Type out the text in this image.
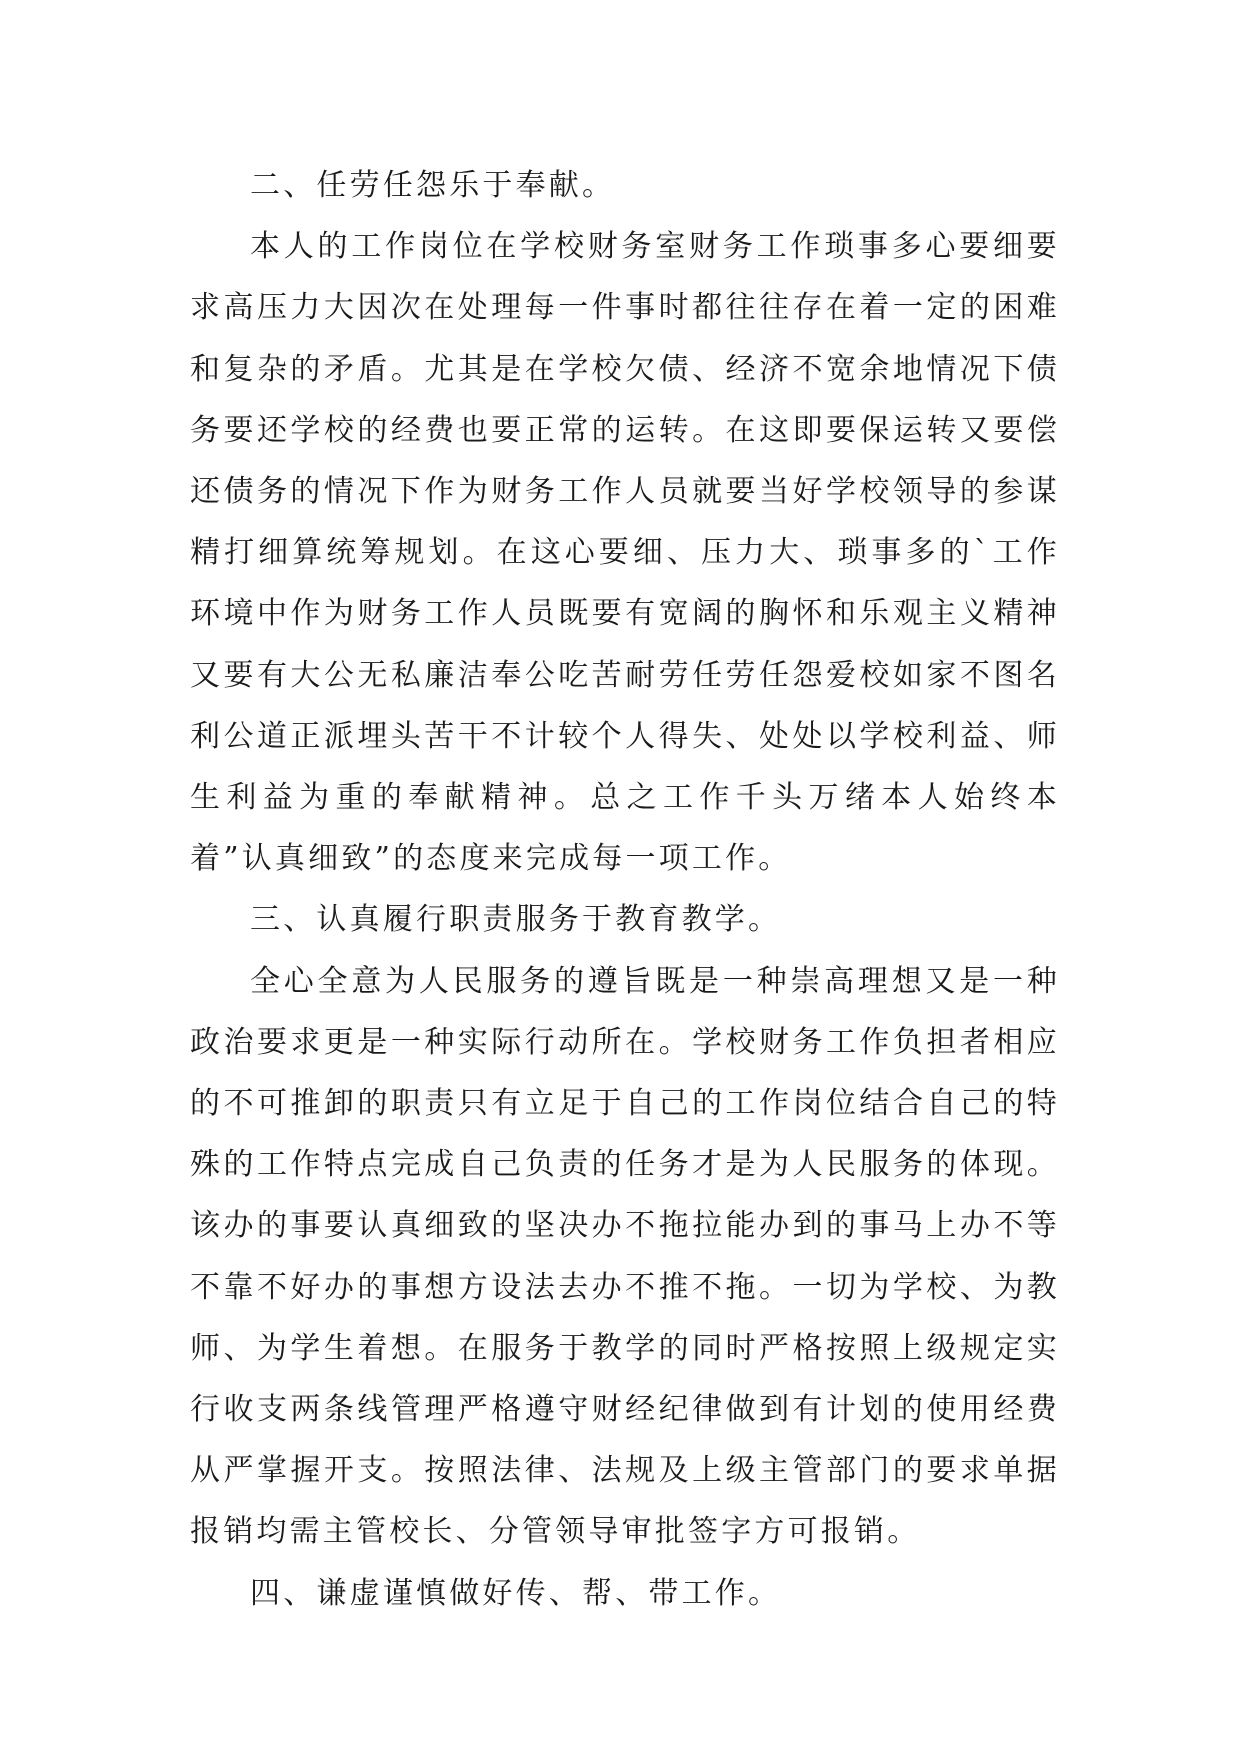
二、任劳任怨乐于奉献。

本人的工作岗位在学校财务室财务工作琐事多心要细要求高压力大因次在处理每一件事时都往往存在着一定的困难和复杂的矛盾。尤其是在学校欠债、经济不宽余地情况下债务要还学校的经费也要正常的运转。在这即要保运转又要偿还债务的情况下作为财务工作人员就要当好学校领导的参谋精打细算统筹规划。在这心要细、压力大、琐事多的`工作环境中作为财务工作人员既要有宽阔的胸怀和乐观主义精神又要有大公无私廉洁奉公吃苦耐劳任劳任怨爱校如家不图名利公道正派埋头苦干不计较个人得失、处处以学校利益、师生利益为重的奉献精神。总之工作千头万绪本人始终本着”认真细致”的态度来完成每一项工作。

三、认真履行职责服务于教育教学。

全心全意为人民服务的遵旨既是一种崇高理想又是一种政治要求更是一种实际行动所在。学校财务工作负担者相应的不可推卸的职责只有立足于自己的工作岗位结合自己的特殊的工作特点完成自己负责的任务才是为人民服务的体现。该办的事要认真细致的坚决办不拖拉能办到的事马上办不等不靠不好办的事想方设法去办不推不拖。一切为学校、为教师、为学生着想。在服务于教学的同时严格按照上级规定实行收支两条线管理严格遵守财经纪律做到有计划的使用经费从严掌握开支。按照法律、法规及上级主管部门的要求单据报销均需主管校长、分管领导审批签字方可报销。

四、谦虚谨慎做好传、帮、带工作。
